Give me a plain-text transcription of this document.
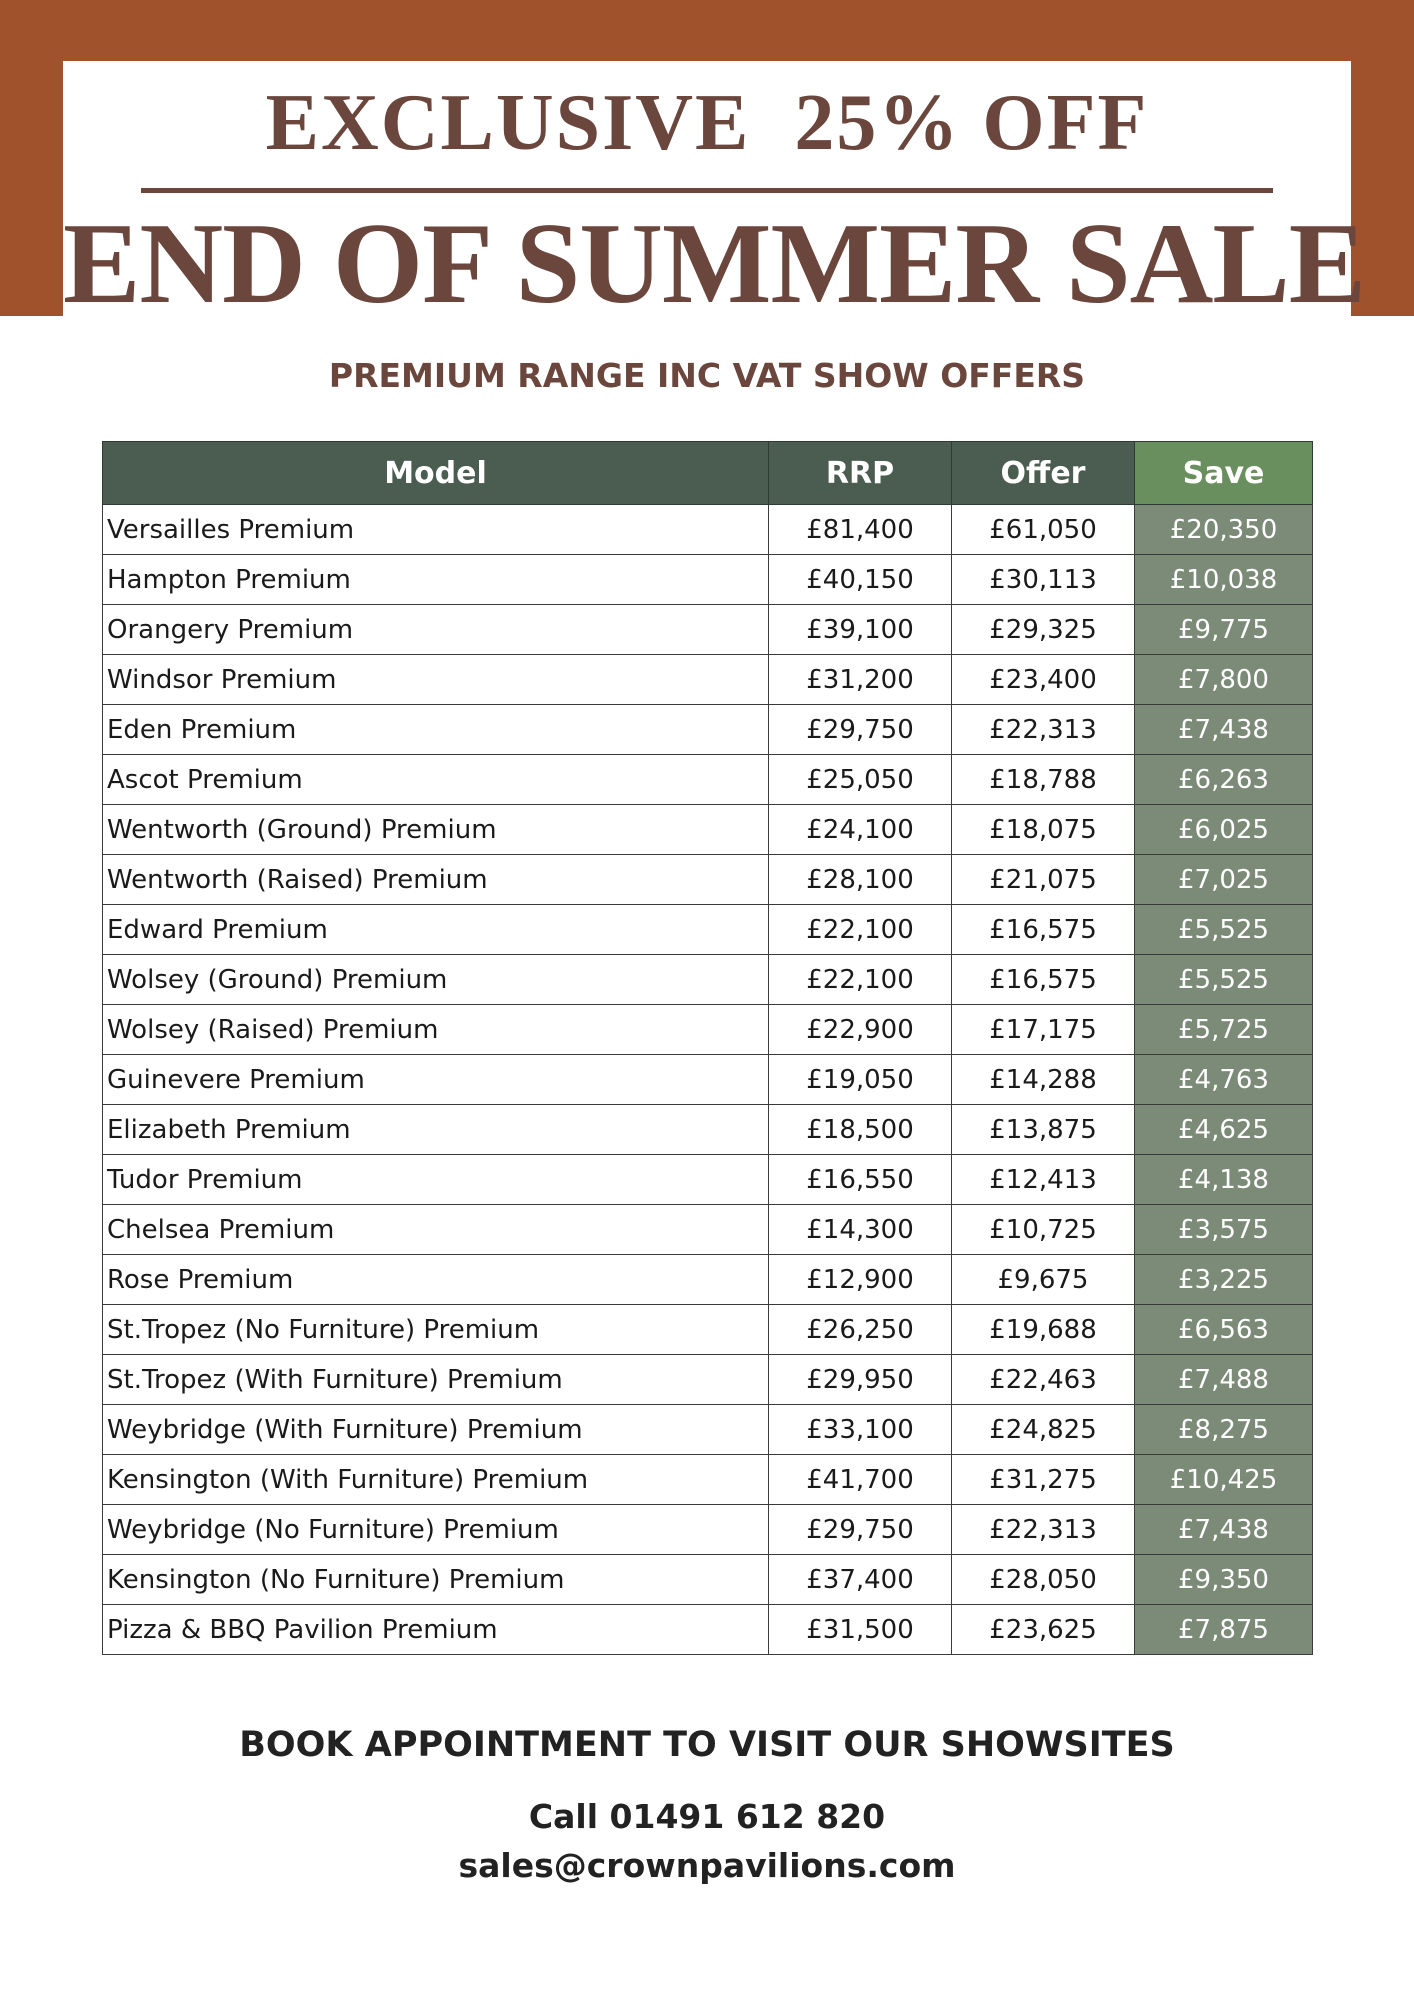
EXCLUSIVE  25% OFF
END OF SUMMER SALE
PREMIUM RANGE INC VAT SHOW OFFERS
Model	RRP	Offer	Save
Versailles Premium	£81,400	£61,050	£20,350
Hampton Premium	£40,150	£30,113	£10,038
Orangery Premium	£39,100	£29,325	£9,775
Windsor Premium	£31,200	£23,400	£7,800
Eden Premium	£29,750	£22,313	£7,438
Ascot Premium	£25,050	£18,788	£6,263
Wentworth (Ground) Premium	£24,100	£18,075	£6,025
Wentworth (Raised) Premium	£28,100	£21,075	£7,025
Edward Premium	£22,100	£16,575	£5,525
Wolsey (Ground) Premium	£22,100	£16,575	£5,525
Wolsey (Raised) Premium	£22,900	£17,175	£5,725
Guinevere Premium	£19,050	£14,288	£4,763
Elizabeth Premium	£18,500	£13,875	£4,625
Tudor Premium	£16,550	£12,413	£4,138
Chelsea Premium	£14,300	£10,725	£3,575
Rose Premium	£12,900	£9,675	£3,225
St.Tropez (No Furniture) Premium	£26,250	£19,688	£6,563
St.Tropez (With Furniture) Premium	£29,950	£22,463	£7,488
Weybridge (With Furniture) Premium	£33,100	£24,825	£8,275
Kensington (With Furniture) Premium	£41,700	£31,275	£10,425
Weybridge (No Furniture) Premium	£29,750	£22,313	£7,438
Kensington (No Furniture) Premium	£37,400	£28,050	£9,350
Pizza & BBQ Pavilion Premium	£31,500	£23,625	£7,875
BOOK APPOINTMENT TO VISIT OUR SHOWSITES
Call 01491 612 820
sales@crownpavilions.com
